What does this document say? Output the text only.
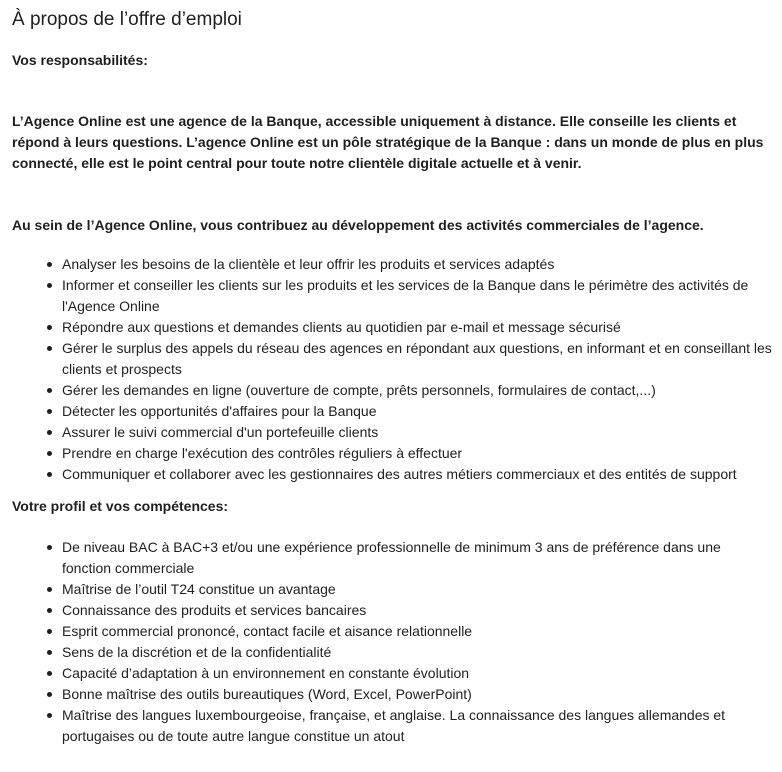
À propos de l’offre d’emploi
Vos responsabilités:

L’Agence Online est une agence de la Banque, accessible uniquement à distance. Elle conseille les clients et répond à leurs questions. L’agence Online est un pôle stratégique de la Banque : dans un monde de plus en plus connecté, elle est le point central pour toute notre clientèle digitale actuelle et à venir.

Au sein de l’Agence Online, vous contribuez au développement des activités commerciales de l’agence.

Analyser les besoins de la clientèle et leur offrir les produits et services adaptés
Informer et conseiller les clients sur les produits et les services de la Banque dans le périmètre des activités de l'Agence Online
Répondre aux questions et demandes clients au quotidien par e-mail et message sécurisé
Gérer le surplus des appels du réseau des agences en répondant aux questions, en informant et en conseillant les clients et prospects
Gérer les demandes en ligne (ouverture de compte, prêts personnels, formulaires de contact,...)
Détecter les opportunités d'affaires pour la Banque
Assurer le suivi commercial d'un portefeuille clients
Prendre en charge l'exécution des contrôles réguliers à effectuer
Communiquer et collaborer avec les gestionnaires des autres métiers commerciaux et des entités de support
Votre profil et vos compétences:
De niveau BAC à BAC+3 et/ou une expérience professionnelle de minimum 3 ans de préférence dans une fonction commerciale
Maîtrise de l’outil T24 constitue un avantage
Connaissance des produits et services bancaires
Esprit commercial prononcé, contact facile et aisance relationnelle
Sens de la discrétion et de la confidentialité
Capacité d’adaptation à un environnement en constante évolution
Bonne maîtrise des outils bureautiques (Word, Excel, PowerPoint)
Maîtrise des langues luxembourgeoise, française, et anglaise. La connaissance des langues allemandes et portugaises ou de toute autre langue constitue un atout
